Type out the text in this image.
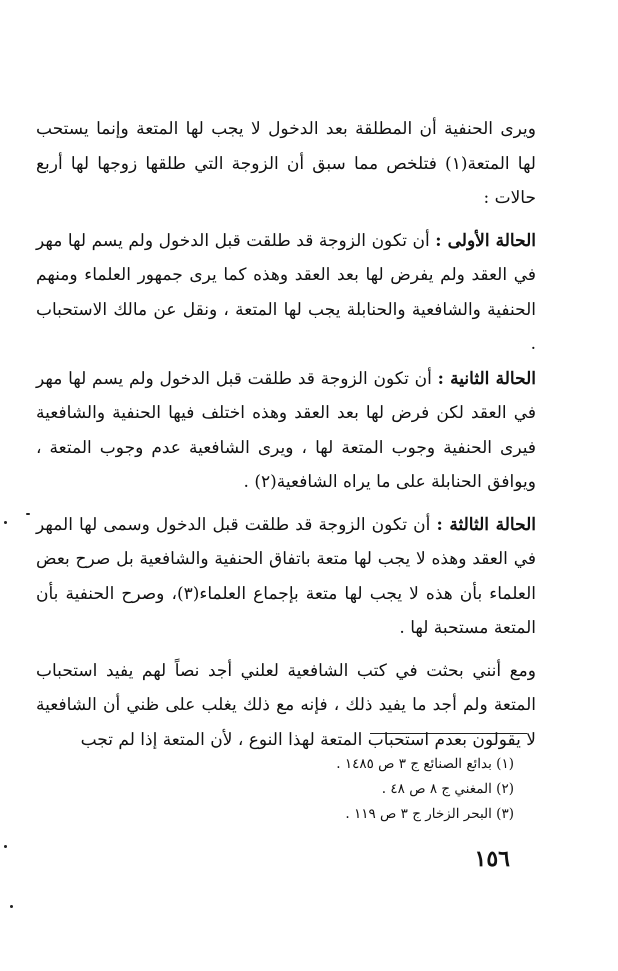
ويرى الحنفية أن المطلقة بعد الدخول لا يجب لها المتعة وإنما يستحب لها المتعة(١) فتلخص مما سبق أن الزوجة التي طلقها زوجها لها أربع حالات :

الحالة الأولى : أن تكون الزوجة قد طلقت قبل الدخول ولم يسم لها مهر في العقد ولم يفرض لها بعد العقد وهذه كما يرى جمهور العلماء ومنهم الحنفية والشافعية والحنابلة يجب لها المتعة ، ونقل عن مالك الاستحباب .

الحالة الثانية : أن تكون الزوجة قد طلقت قبل الدخول ولم يسم لها مهر في العقد لكن فرض لها بعد العقد وهذه اختلف فيها الحنفية والشافعية فيرى الحنفية وجوب المتعة لها ، ويرى الشافعية عدم وجوب المتعة ، ويوافق الحنابلة على ما يراه الشافعية(٢) .

الحالة الثالثة : أن تكون الزوجة قد طلقت قبل الدخول وسمى لها المهر في العقد وهذه لا يجب لها متعة باتفاق الحنفية والشافعية بل صرح بعض العلماء بأن هذه لا يجب لها متعة بإجماع العلماء(٣)، وصرح الحنفية بأن المتعة مستحبة لها .

ومع أنني بحثت في كتب الشافعية لعلني أجد نصاً لهم يفيد استحباب المتعة ولم أجد ما يفيد ذلك ، فإنه مع ذلك يغلب على ظني أن الشافعية لا يقولون بعدم استحباب المتعة لهذا النوع ، لأن المتعة إذا لم تجب

(١) بدائع الصنائع ج ٣ ص ١٤٨٥ .
(٢) المغني ج ٨ ص ٤٨ .
(٣) البحر الزخار ج ٣ ص ١١٩ .
١٥٦
